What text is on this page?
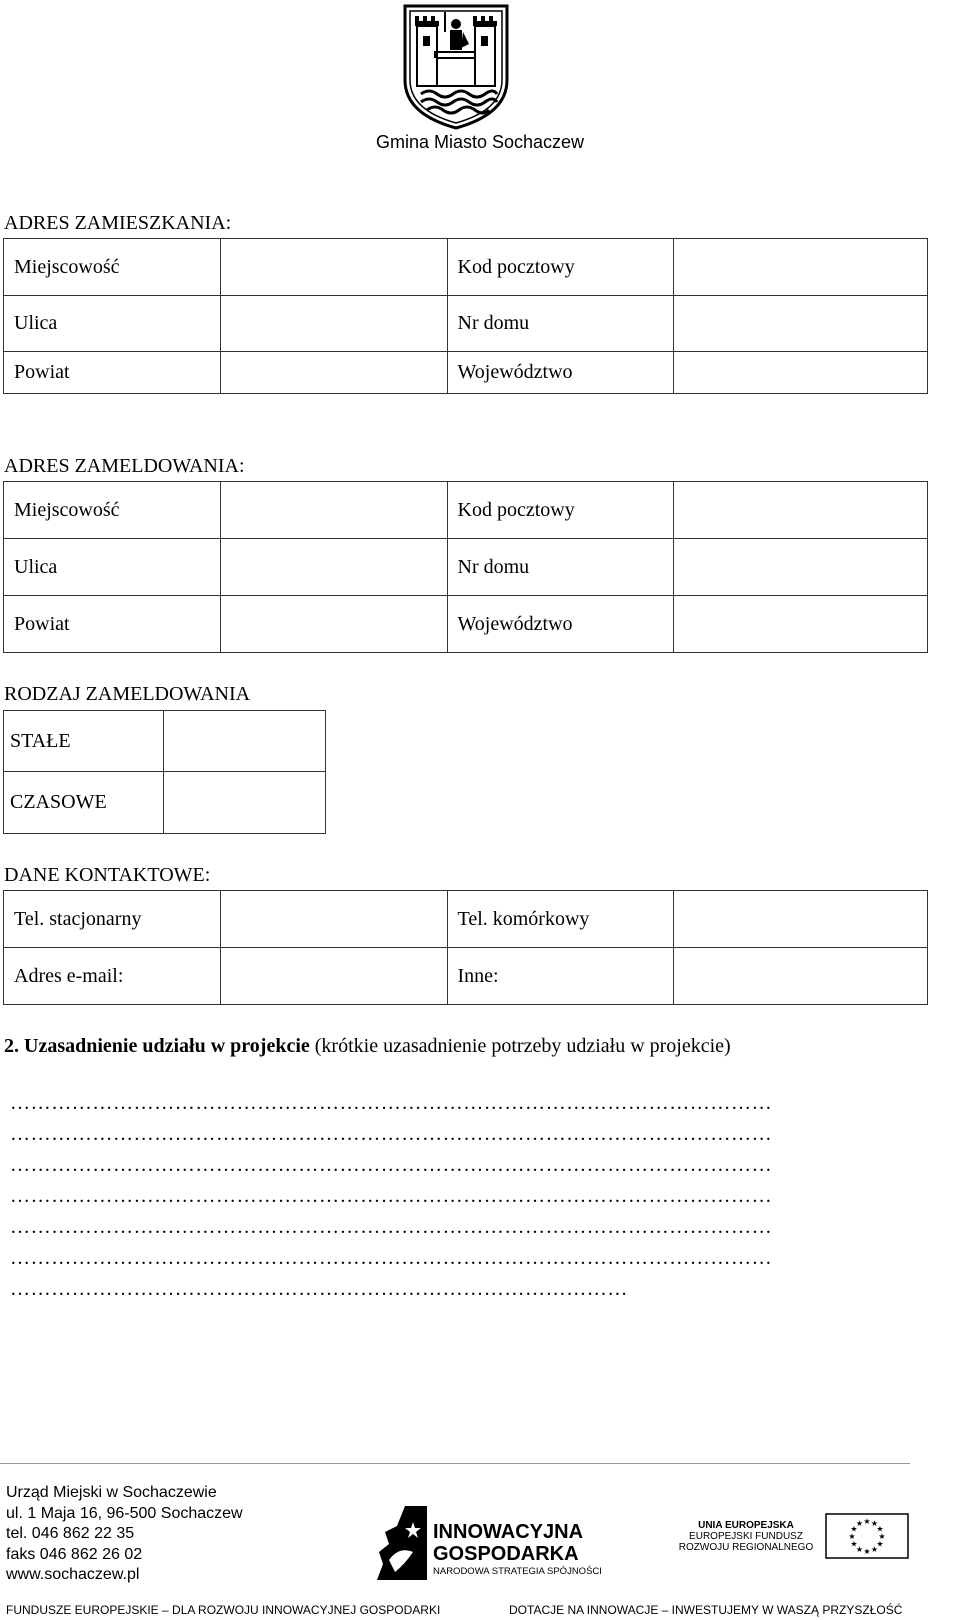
Gmina Miasto Sochaczew
ADRES ZAMIESZKANIA:
Miejscowość		Kod pocztowy	
Ulica		Nr domu	
Powiat		Województwo	
ADRES ZAMELDOWANIA:
Miejscowość		Kod pocztowy	
Ulica		Nr domu	
Powiat		Województwo	
RODZAJ ZAMELDOWANIA
STAŁE	
CZASOWE	
DANE KONTAKTOWE:
Tel. stacjonarny		Tel. komórkowy	
Adres e-mail:		Inne:	
2. Uzasadnienie udziału w projekcie (krótkie uzasadnienie potrzeby udziału w projekcie)
…………………………………………………………………………………………………
…………………………………………………………………………………………………
…………………………………………………………………………………………………
…………………………………………………………………………………………………
…………………………………………………………………………………………………
…………………………………………………………………………………………………
………………………………………………………………………………
Urząd Miejski w Sochaczewie
ul. 1 Maja 16, 96-500 Sochaczew
tel. 046 862 22 35
faks 046 862 26 02
www.sochaczew.pl
INNOWACYJNA
GOSPODARKA
NARODOWA STRATEGIA SPÓJNOŚCI
UNIA EUROPEJSKA
EUROPEJSKI FUNDUSZ
ROZWOJU REGIONALNEGO
★ ★
★
★
★
★
★
★
★
★
★
★
FUNDUSZE EUROPEJSKIE – DLA ROZWOJU INNOWACYJNEJ GOSPODARKI	DOTACJE NA INNOWACJE – INWESTUJEMY W WASZĄ PRZYSZŁOŚĆ
